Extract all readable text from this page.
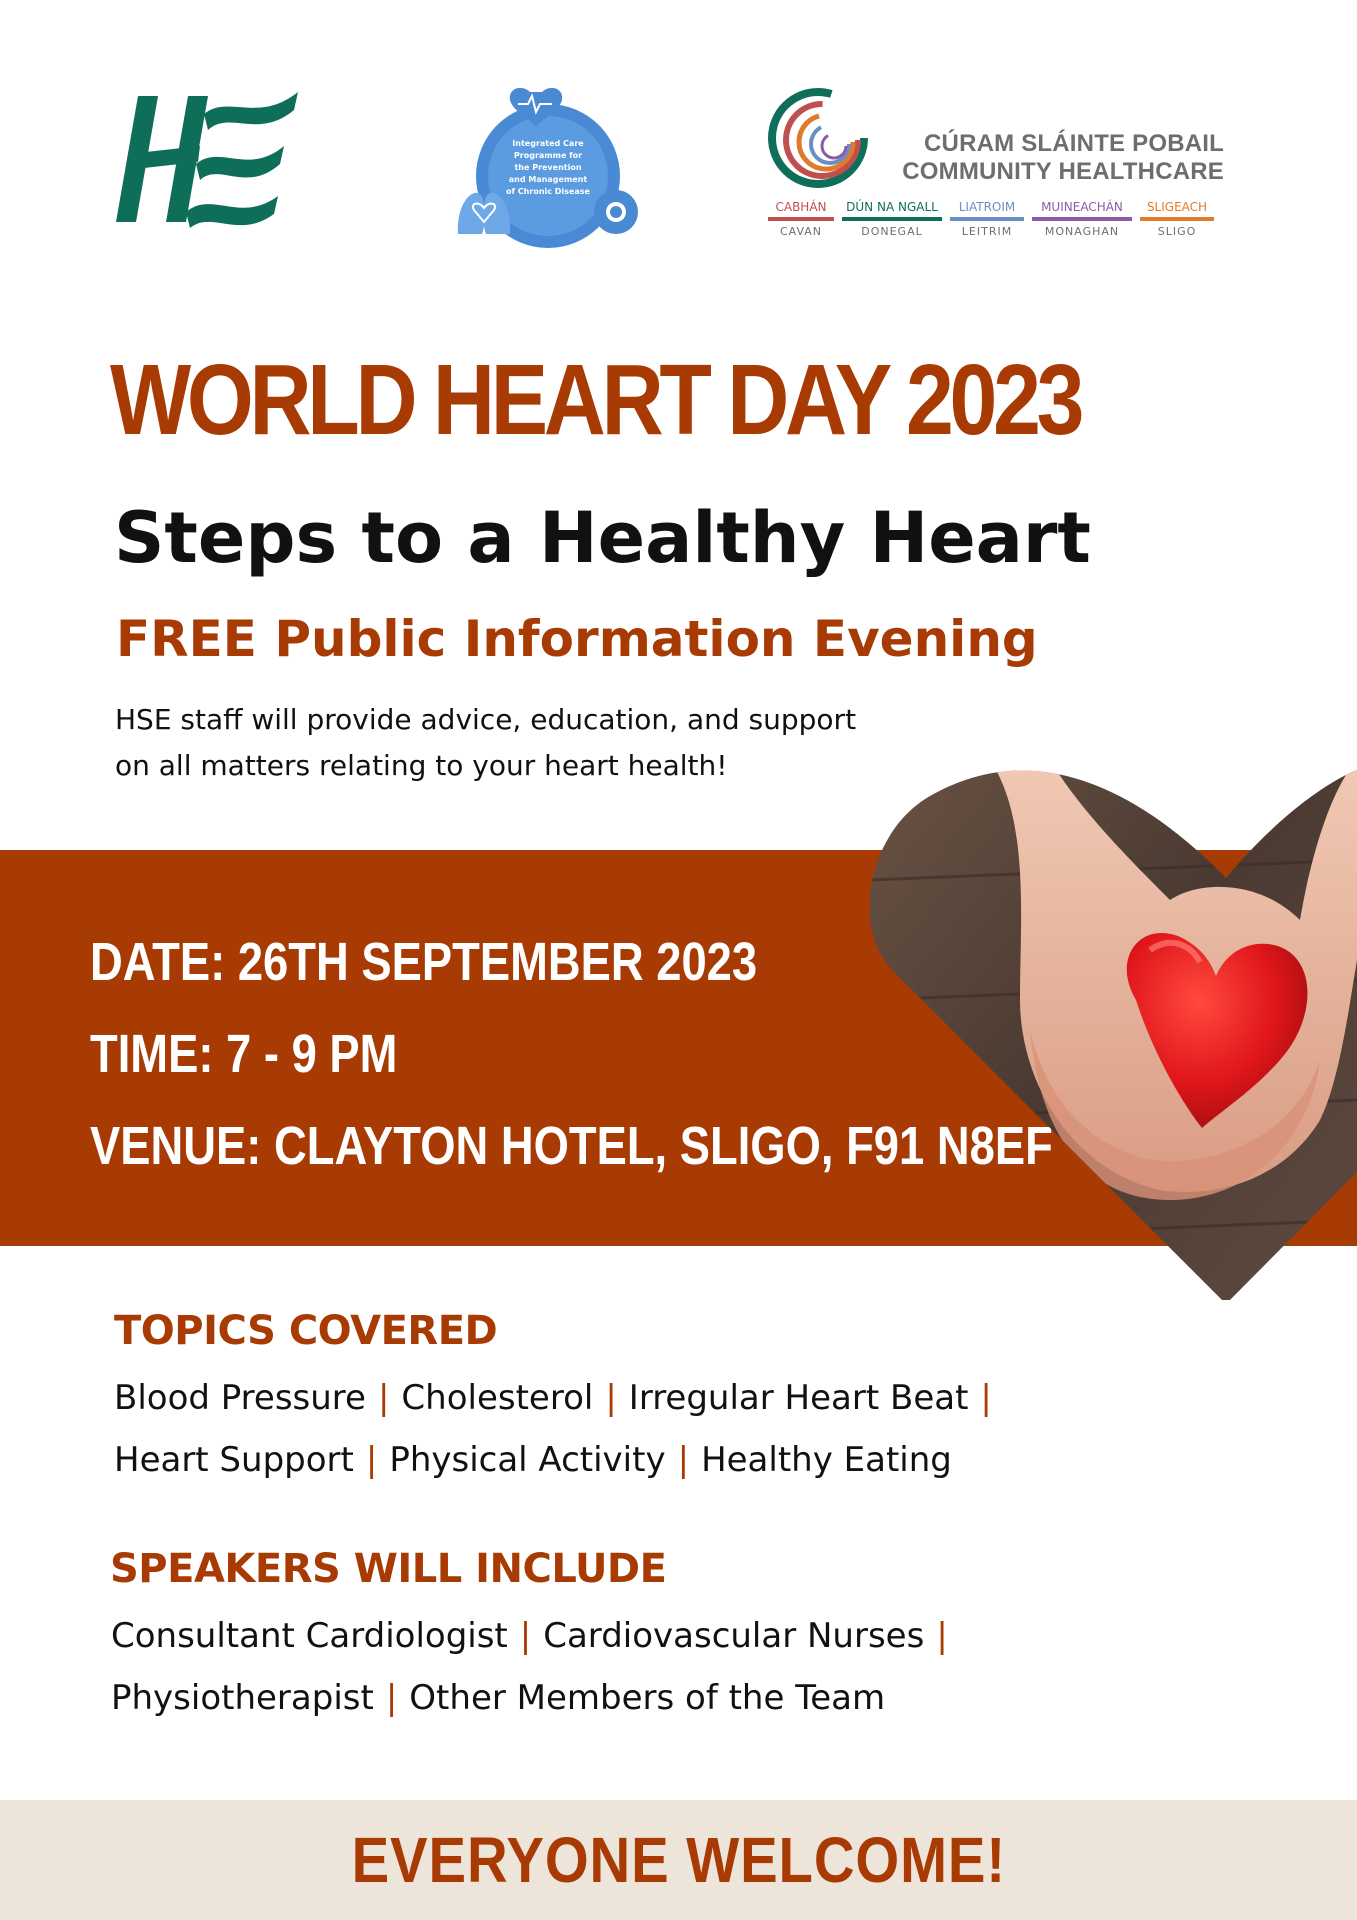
Integrated Care
Programme for
the Prevention
and Management
of Chronic Disease
CÚRAM SLÁINTE POBAIL
COMMUNITY HEALTHCARE
CABHÁN
CAVAN
DÚN NA NGALL
DONEGAL
LIATROIM
LEITRIM
MUINEACHÁN
MONAGHAN
SLIGEACH
SLIGO
WORLD HEART DAY 2023
Steps to a Healthy Heart
FREE Public Information Evening
HSE staff will provide advice, education, and support
on all matters relating to your heart health!
DATE: 26TH SEPTEMBER 2023
TIME: 7 - 9 PM
VENUE: CLAYTON HOTEL, SLIGO, F91 N8EF
TOPICS COVERED
Blood Pressure | Cholesterol | Irregular Heart Beat |
Heart Support | Physical Activity | Healthy Eating
SPEAKERS WILL INCLUDE
Consultant Cardiologist | Cardiovascular Nurses |
Physiotherapist | Other Members of the Team
EVERYONE WELCOME!
